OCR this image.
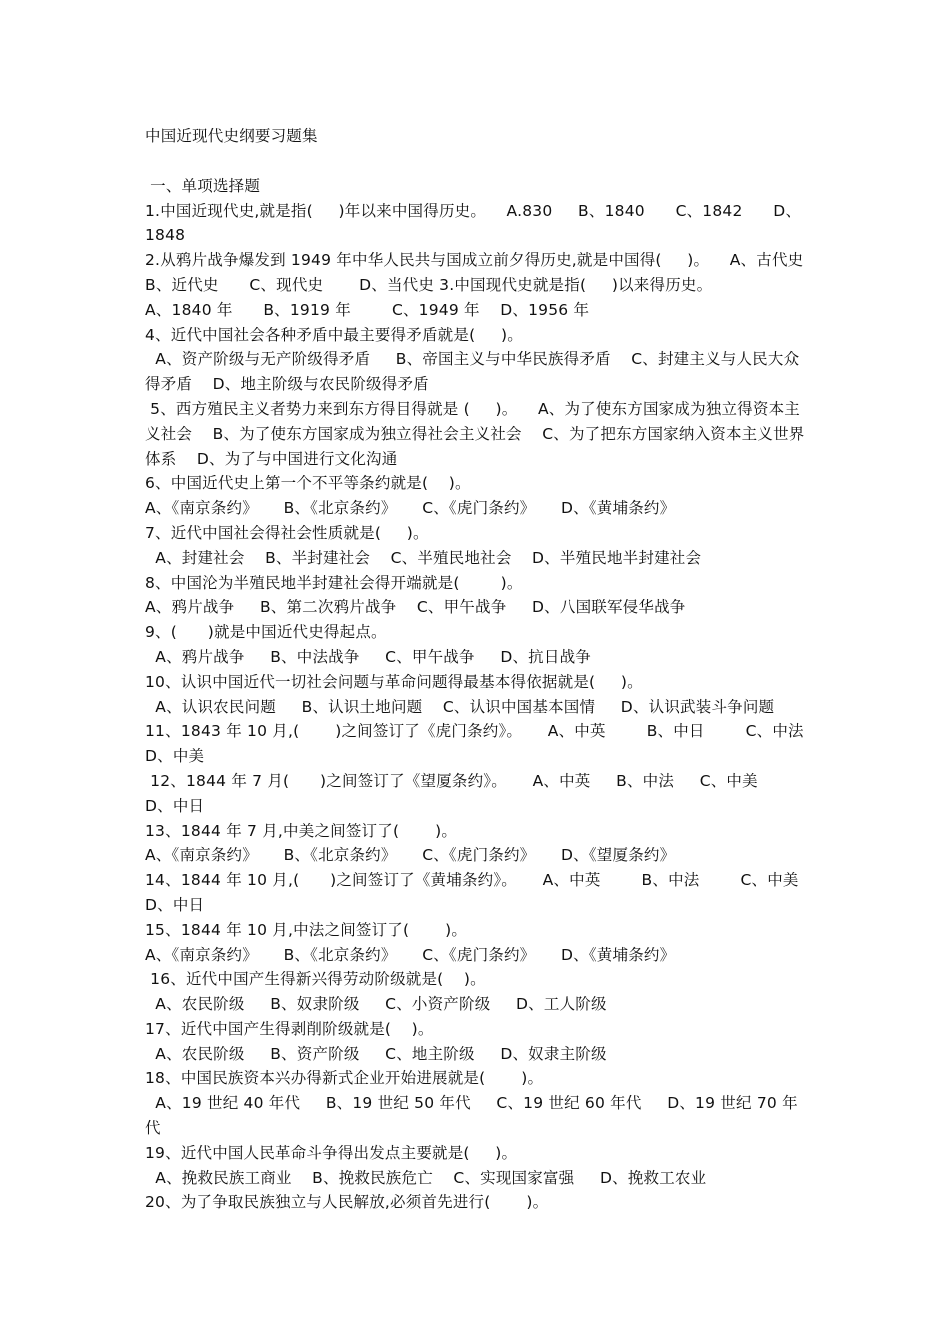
中国近现代史纲要习题集
一、单项选择题
1.中国近现代史,就是指(     )年以来中国得历史。    A.830     B、1840      C、1842      D、1848
2.从鸦片战争爆发到 1949 年中华人民共与国成立前夕得历史,就是中国得(     )。    A、古代史      B、近代史      C、现代史       D、当代史 3.中国现代史就是指(     )以来得历史。
A、1840 年      B、1919 年        C、1949 年    D、1956 年
4、近代中国社会各种矛盾中最主要得矛盾就是(     )。
A、资产阶级与无产阶级得矛盾     B、帝国主义与中华民族得矛盾    C、封建主义与人民大众得矛盾    D、地主阶级与农民阶级得矛盾
5、西方殖民主义者势力来到东方得目得就是 (     )。    A、为了使东方国家成为独立得资本主义社会    B、为了使东方国家成为独立得社会主义社会    C、为了把东方国家纳入资本主义世界体系    D、为了与中国进行文化沟通
6、中国近代史上第一个不平等条约就是(    )。
A、《南京条约》     B、《北京条约》     C、《虎门条约》     D、《黄埔条约》
7、近代中国社会得社会性质就是(     )。
A、封建社会    B、半封建社会    C、半殖民地社会    D、半殖民地半封建社会
8、中国沦为半殖民地半封建社会得开端就是(        )。
A、鸦片战争     B、第二次鸦片战争    C、甲午战争     D、八国联军侵华战争
9、(      )就是中国近代史得起点。
A、鸦片战争     B、中法战争     C、甲午战争     D、抗日战争
10、认识中国近代一切社会问题与革命问题得最基本得依据就是(     )。
A、认识农民问题     B、认识土地问题    C、认识中国基本国情     D、认识武装斗争问题
11、1843 年 10 月,(       )之间签订了《虎门条约》。     A、中英        B、中日        C、中法        D、中美
12、1844 年 7 月(      )之间签订了《望厦条约》。     A、中英     B、中法     C、中美     D、中日
13、1844 年 7 月,中美之间签订了(       )。
A、《南京条约》     B、《北京条约》     C、《虎门条约》     D、《望厦条约》
14、1844 年 10 月,(      )之间签订了《黄埔条约》。     A、中英        B、中法        C、中美       D、中日
15、1844 年 10 月,中法之间签订了(       )。
A、《南京条约》     B、《北京条约》     C、《虎门条约》     D、《黄埔条约》
16、近代中国产生得新兴得劳动阶级就是(    )。
A、农民阶级     B、奴隶阶级     C、小资产阶级     D、工人阶级
17、近代中国产生得剥削阶级就是(    )。
A、农民阶级     B、资产阶级     C、地主阶级     D、奴隶主阶级
18、中国民族资本兴办得新式企业开始进展就是(       )。
A、19 世纪 40 年代     B、19 世纪 50 年代     C、19 世纪 60 年代     D、19 世纪 70 年代
19、近代中国人民革命斗争得出发点主要就是(     )。
A、挽救民族工商业    B、挽救民族危亡    C、实现国家富强     D、挽救工农业
20、为了争取民族独立与人民解放,必须首先进行(       )。
